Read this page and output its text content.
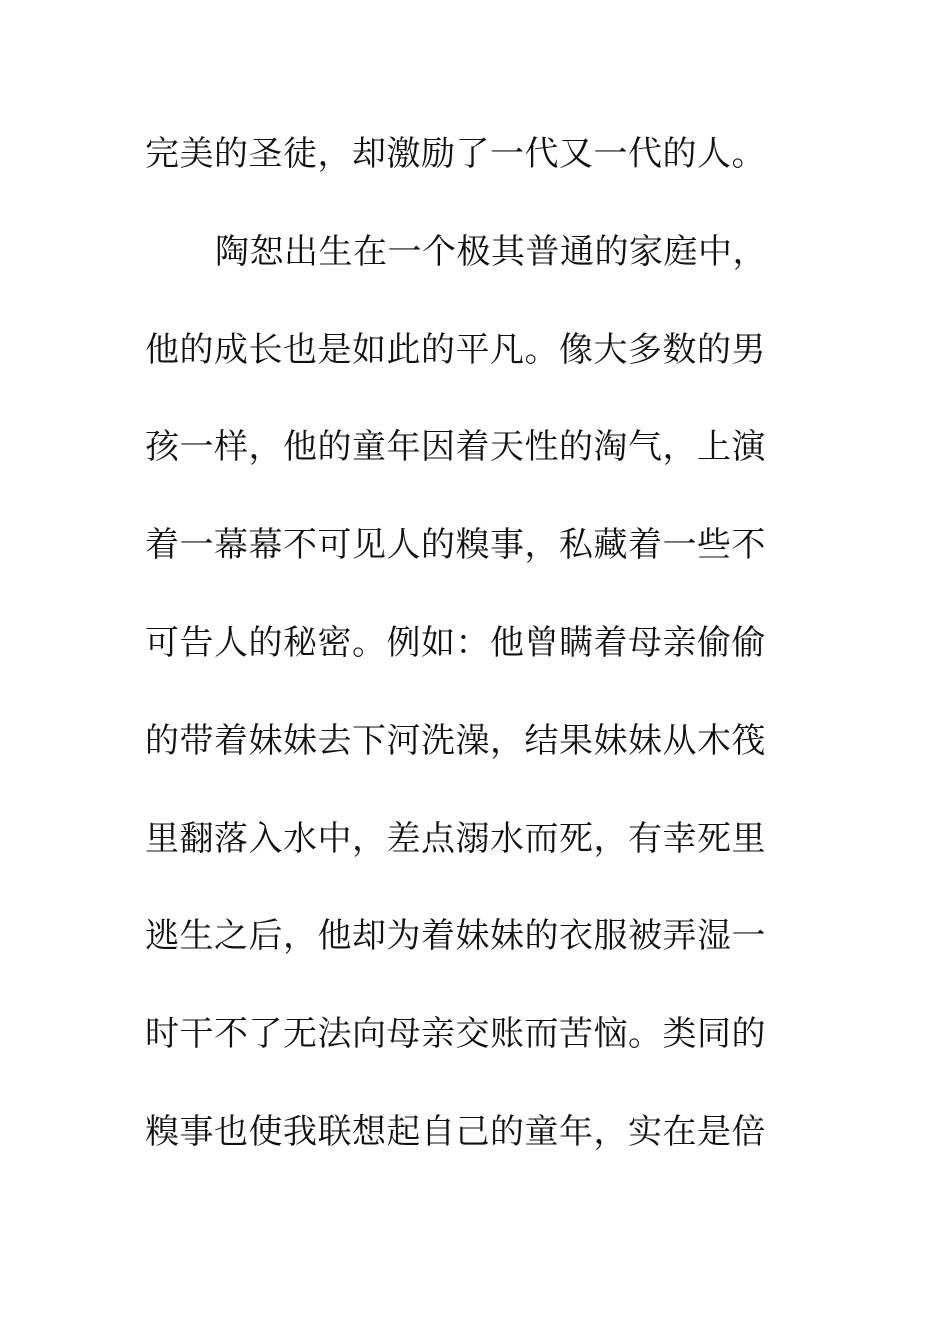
完美的圣徒，却激励了一代又一代的人。
陶恕出生在一个极其普通的家庭中，
他的成长也是如此的平凡。像大多数的男
孩一样，他的童年因着天性的淘气，上演
着一幕幕不可见人的糗事，私藏着一些不
可告人的秘密。例如：他曾瞒着母亲偷偷
的带着妹妹去下河洗澡，结果妹妹从木筏
里翻落入水中，差点溺水而死，有幸死里
逃生之后，他却为着妹妹的衣服被弄湿一
时干不了无法向母亲交账而苦恼。类同的
糗事也使我联想起自己的童年，实在是倍
